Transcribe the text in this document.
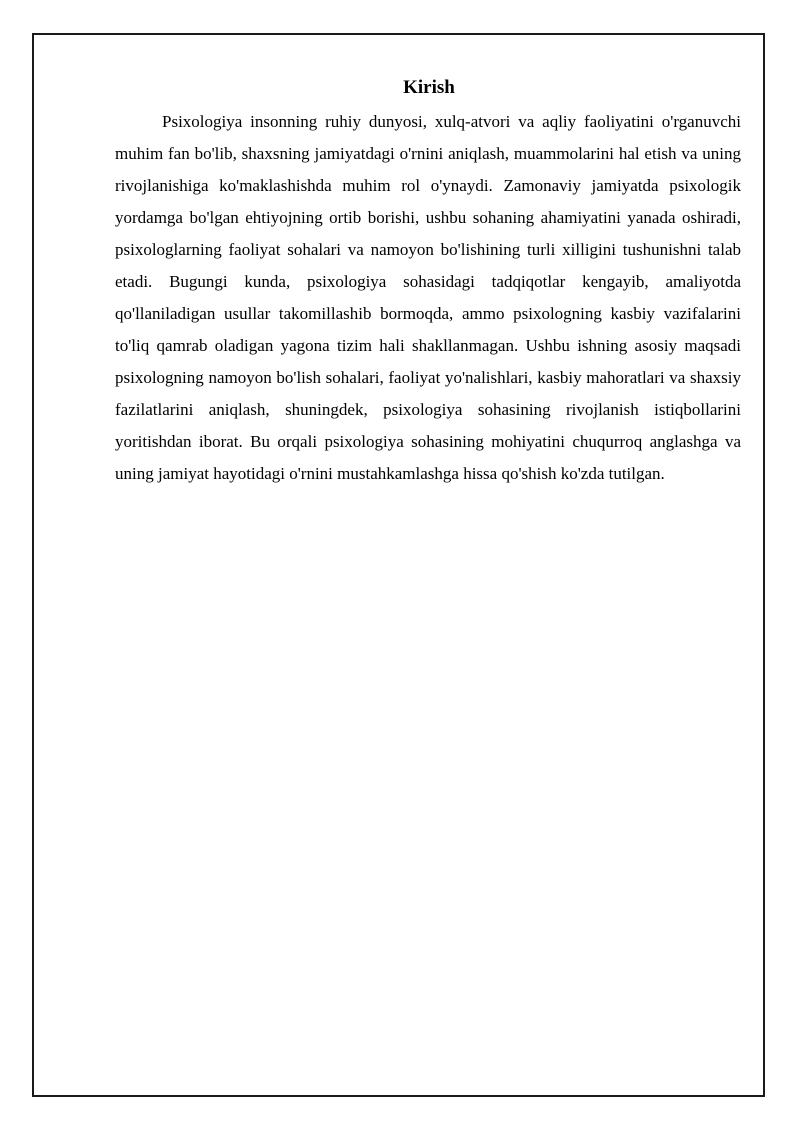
Kirish

Psixologiya insonning ruhiy dunyosi, xulq-atvori va aqliy faoliyatini o'rganuvchi muhim fan bo'lib, shaxsning jamiyatdagi o'rnini aniqlash, muammolarini hal etish va uning rivojlanishiga ko'maklashishda muhim rol o'ynaydi. Zamonaviy jamiyatda psixologik yordamga bo'lgan ehtiyojning ortib borishi, ushbu sohaning ahamiyatini yanada oshiradi, psixologlarning faoliyat sohalari va namoyon bo'lishining turli xilligini tushunishni talab etadi. Bugungi kunda, psixologiya sohasidagi tadqiqotlar kengayib, amaliyotda qo'llaniladigan usullar takomillashib bormoqda, ammo psixologning kasbiy vazifalarini to'liq qamrab oladigan yagona tizim hali shakllanmagan. Ushbu ishning asosiy maqsadi psixologning namoyon bo'lish sohalari, faoliyat yo'nalishlari, kasbiy mahoratlari va shaxsiy fazilatlarini aniqlash, shuningdek, psixologiya sohasining rivojlanish istiqbollarini yoritishdan iborat. Bu orqali psixologiya sohasining mohiyatini chuqurroq anglashga va uning jamiyat hayotidagi o'rnini mustahkamlashga hissa qo'shish ko'zda tutilgan.
